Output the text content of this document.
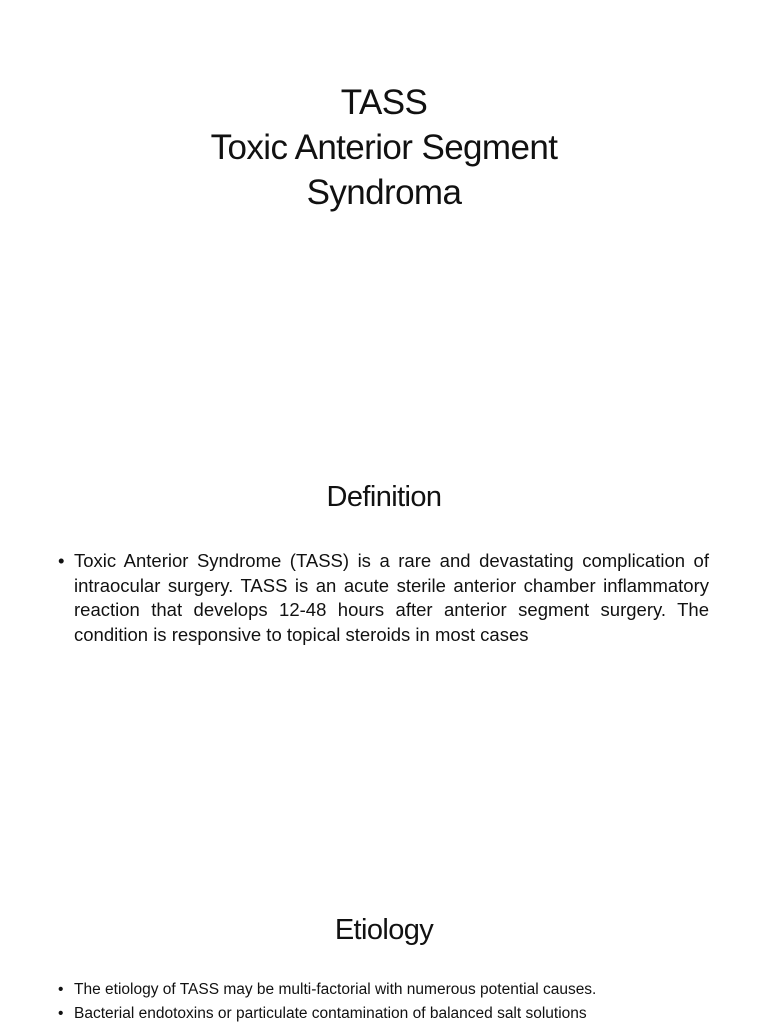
TASS
Toxic Anterior Segment
Syndroma
Definition
• Toxic Anterior Syndrome (TASS) is a rare and devastating complication of intraocular surgery. TASS is an acute sterile anterior chamber inflammatory reaction that develops 12-48 hours after anterior segment surgery. The condition is responsive to topical steroids in most cases
Etiology
• The etiology of TASS may be multi-factorial with numerous potential causes.
• Bacterial endotoxins or particulate contamination of balanced salt solutions
